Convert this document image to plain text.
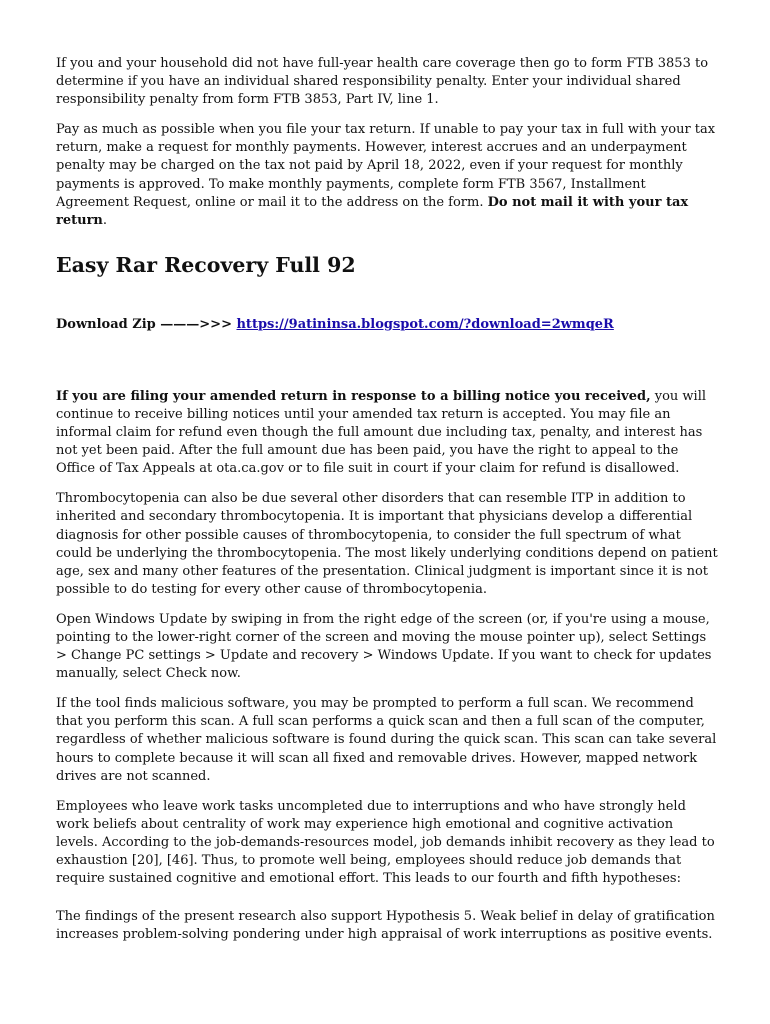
If you and your household did not have full-year health care coverage then go to form FTB 3853 to determine if you have an individual shared responsibility penalty. Enter your individual shared responsibility penalty from form FTB 3853, Part IV, line 1.

Pay as much as possible when you file your tax return. If unable to pay your tax in full with your tax return, make a request for monthly payments. However, interest accrues and an underpayment penalty may be charged on the tax not paid by April 18, 2022, even if your request for monthly payments is approved. To make monthly payments, complete form FTB 3567, Installment Agreement Request, online or mail it to the address on the form. Do not mail it with your tax return.

Easy Rar Recovery Full 92
Download Zip ———>>> https://9atininsa.blogspot.com/?download=2wmqeR

If you are filing your amended return in response to a billing notice you received, you will continue to receive billing notices until your amended tax return is accepted. You may file an informal claim for refund even though the full amount due including tax, penalty, and interest has not yet been paid. After the full amount due has been paid, you have the right to appeal to the Office of Tax Appeals at ota.ca.gov or to file suit in court if your claim for refund is disallowed.

Thrombocytopenia can also be due several other disorders that can resemble ITP in addition to inherited and secondary thrombocytopenia. It is important that physicians develop a differential diagnosis for other possible causes of thrombocytopenia, to consider the full spectrum of what could be underlying the thrombocytopenia. The most likely underlying conditions depend on patient age, sex and many other features of the presentation. Clinical judgment is important since it is not possible to do testing for every other cause of thrombocytopenia.

Open Windows Update by swiping in from the right edge of the screen (or, if you're using a mouse, pointing to the lower-right corner of the screen and moving the mouse pointer up), select Settings > Change PC settings > Update and recovery > Windows Update. If you want to check for updates manually, select Check now.

If the tool finds malicious software, you may be prompted to perform a full scan. We recommend that you perform this scan. A full scan performs a quick scan and then a full scan of the computer, regardless of whether malicious software is found during the quick scan. This scan can take several hours to complete because it will scan all fixed and removable drives. However, mapped network drives are not scanned.

Employees who leave work tasks uncompleted due to interruptions and who have strongly held work beliefs about centrality of work may experience high emotional and cognitive activation levels. According to the job-demands-resources model, job demands inhibit recovery as they lead to exhaustion [20], [46]. Thus, to promote well being, employees should reduce job demands that require sustained cognitive and emotional effort. This leads to our fourth and fifth hypotheses:

The findings of the present research also support Hypothesis 5. Weak belief in delay of gratification increases problem-solving pondering under high appraisal of work interruptions as positive events.
